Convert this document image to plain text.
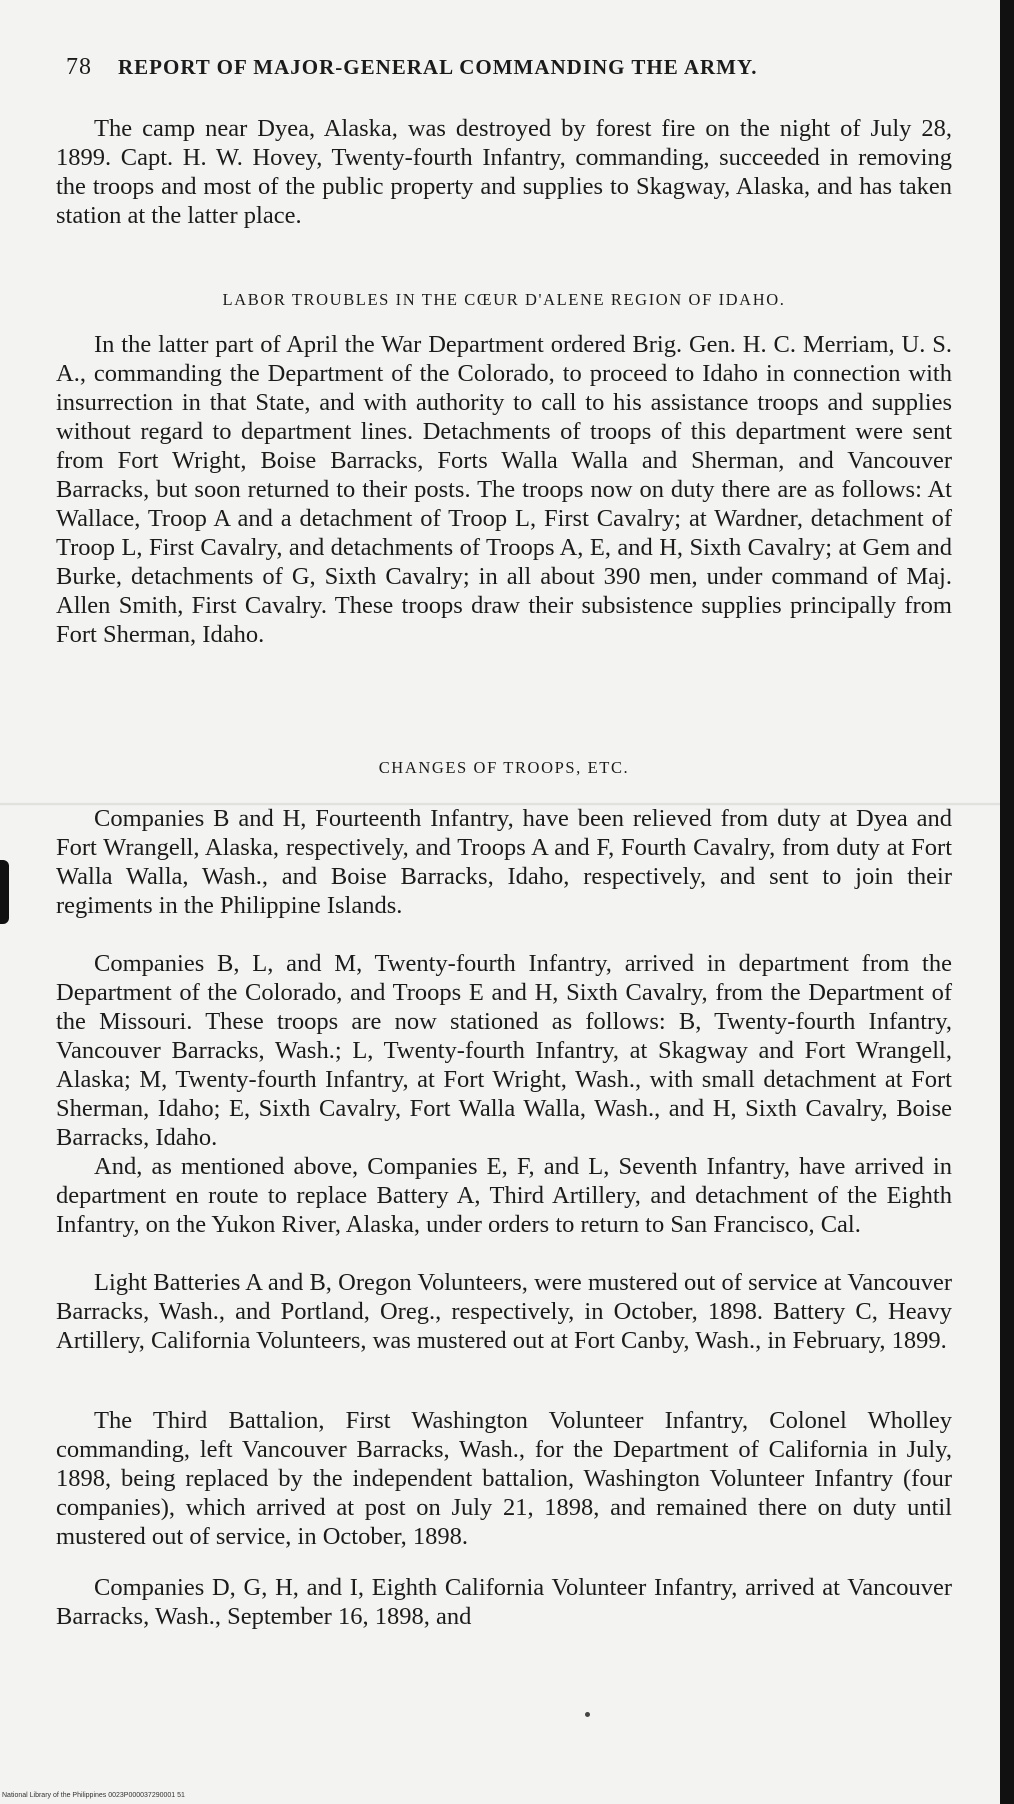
78 REPORT OF MAJOR-GENERAL COMMANDING THE ARMY.

The camp near Dyea, Alaska, was destroyed by forest fire on the night of July 28, 1899. Capt. H. W. Hovey, Twenty-fourth Infantry, commanding, succeeded in removing the troops and most of the public property and supplies to Skagway, Alaska, and has taken station at the latter place.

LABOR TROUBLES IN THE CŒUR D'ALENE REGION OF IDAHO.

In the latter part of April the War Department ordered Brig. Gen. H. C. Merriam, U. S. A., commanding the Department of the Colorado, to proceed to Idaho in connection with insurrection in that State, and with authority to call to his assistance troops and supplies without regard to department lines. Detachments of troops of this department were sent from Fort Wright, Boise Barracks, Forts Walla Walla and Sherman, and Vancouver Barracks, but soon returned to their posts. The troops now on duty there are as follows: At Wallace, Troop A and a detachment of Troop L, First Cavalry; at Wardner, detachment of Troop L, First Cavalry, and detachments of Troops A, E, and H, Sixth Cavalry; at Gem and Burke, detachments of G, Sixth Cavalry; in all about 390 men, under command of Maj. Allen Smith, First Cavalry. These troops draw their subsistence supplies principally from Fort Sherman, Idaho.

CHANGES OF TROOPS, ETC.

Companies B and H, Fourteenth Infantry, have been relieved from duty at Dyea and Fort Wrangell, Alaska, respectively, and Troops A and F, Fourth Cavalry, from duty at Fort Walla Walla, Wash., and Boise Barracks, Idaho, respectively, and sent to join their regiments in the Philippine Islands.

Companies B, L, and M, Twenty-fourth Infantry, arrived in department from the Department of the Colorado, and Troops E and H, Sixth Cavalry, from the Department of the Missouri. These troops are now stationed as follows: B, Twenty-fourth Infantry, Vancouver Barracks, Wash.; L, Twenty-fourth Infantry, at Skagway and Fort Wrangell, Alaska; M, Twenty-fourth Infantry, at Fort Wright, Wash., with small detachment at Fort Sherman, Idaho; E, Sixth Cavalry, Fort Walla Walla, Wash., and H, Sixth Cavalry, Boise Barracks, Idaho.

And, as mentioned above, Companies E, F, and L, Seventh Infantry, have arrived in department en route to replace Battery A, Third Artillery, and detachment of the Eighth Infantry, on the Yukon River, Alaska, under orders to return to San Francisco, Cal.

Light Batteries A and B, Oregon Volunteers, were mustered out of service at Vancouver Barracks, Wash., and Portland, Oreg., respectively, in October, 1898. Battery C, Heavy Artillery, California Volunteers, was mustered out at Fort Canby, Wash., in February, 1899.

The Third Battalion, First Washington Volunteer Infantry, Colonel Wholley commanding, left Vancouver Barracks, Wash., for the Department of California in July, 1898, being replaced by the independent battalion, Washington Volunteer Infantry (four companies), which arrived at post on July 21, 1898, and remained there on duty until mustered out of service, in October, 1898.

Companies D, G, H, and I, Eighth California Volunteer Infantry, arrived at Vancouver Barracks, Wash., September 16, 1898, and

National Library of the Philippines 0023P000037290001 51
